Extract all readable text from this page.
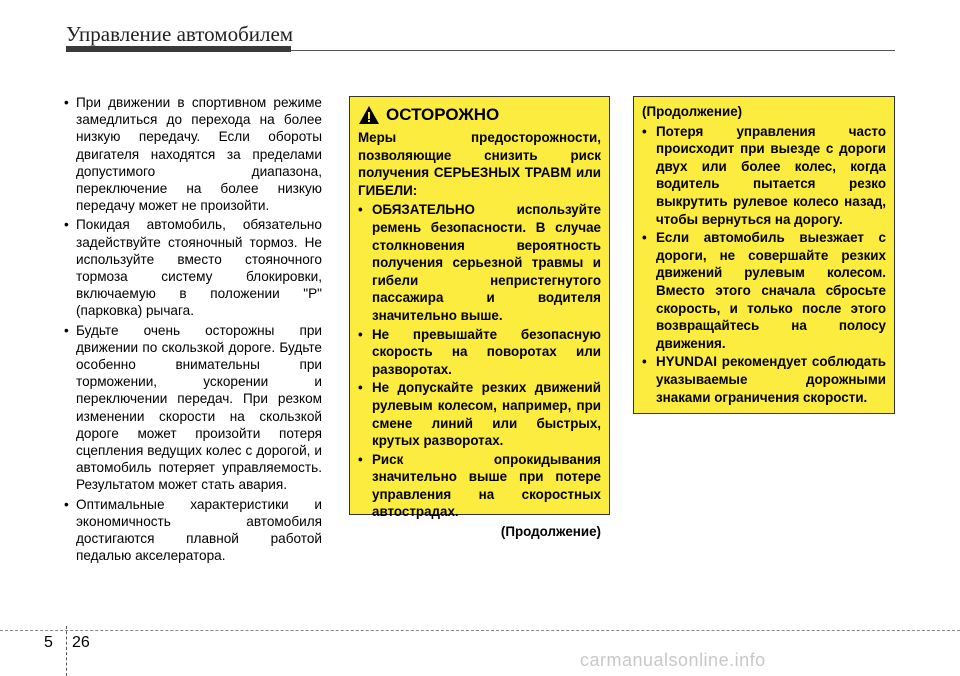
Управление автомобилем
• При движении в спортивном режиме замедлиться до перехода на более низкую передачу. Если обороты двигателя находятся за пределами допустимого диапазона, переключение на более низкую передачу может не произойти.
• Покидая автомобиль, обязательно задействуйте стояночный тормоз. Не используйте вместо стояночного тормоза систему блокировки, включаемую в положении "P" (парковка) рычага.
• Будьте очень осторожны при движении по скользкой дороге. Будьте особенно внимательны при торможении, ускорении и переключении передач. При резком изменении скорости на скользкой дороге может произойти потеря сцепления ведущих колес с дорогой, и автомобиль потеряет управляемость. Результатом может стать авария.
• Оптимальные характеристики и экономичность автомобиля достигаются плавной работой педалью акселератора.
ОСТОРОЖНО
Меры предосторожности, позволяющие снизить риск получения СЕРЬЕЗНЫХ ТРАВМ или ГИБЕЛИ:
• ОБЯЗАТЕЛЬНО используйте ремень безопасности. В случае столкновения вероятность получения серьезной травмы и гибели непристегнутого пассажира и водителя значительно выше.
• Не превышайте безопасную скорость на поворотах или разворотах.
• Не допускайте резких движений рулевым колесом, например, при смене линий или быстрых, крутых разворотах.
• Риск опрокидывания значительно выше при потере управления на скоростных автострадах.
(Продолжение)
(Продолжение)
• Потеря управления часто происходит при выезде с дороги двух или более колес, когда водитель пытается резко выкрутить рулевое колесо назад, чтобы вернуться на дорогу.
• Если автомобиль выезжает с дороги, не совершайте резких движений рулевым колесом. Вместо этого сначала сбросьте скорость, и только после этого возвращайтесь на полосу движения.
• HYUNDAI рекомендует соблюдать указываемые дорожными знаками ограничения скорости.
5 26
carmanualsonline.info
